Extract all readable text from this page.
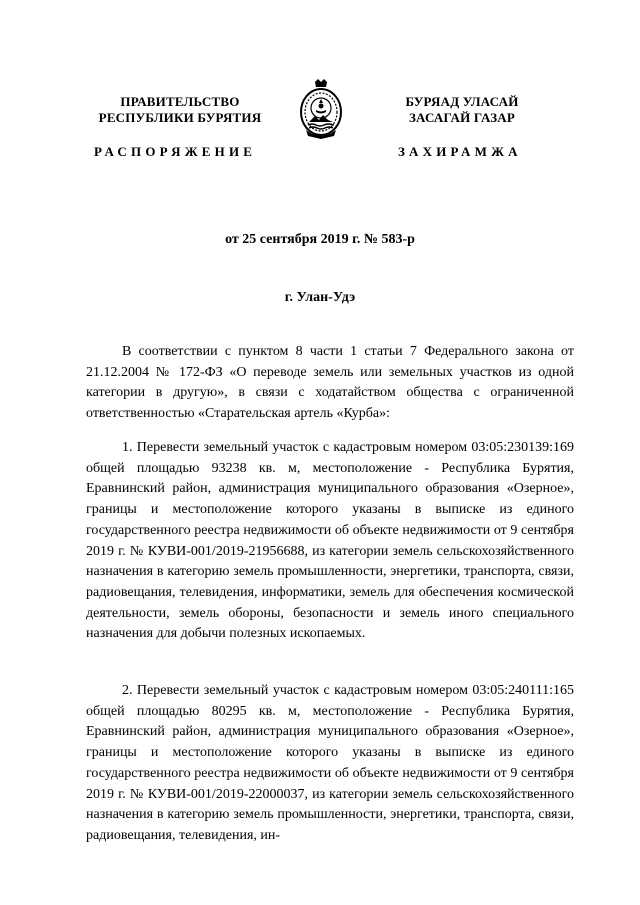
ПРАВИТЕЛЬСТВО
РЕСПУБЛИКИ БУРЯТИЯ
БУРЯАД УЛАСАЙ
ЗАСАГАЙ ГАЗАР
РАСПОРЯЖЕНИЕ	ЗАХИРАМЖА
от 25 сентября 2019 г. № 583-р
г. Улан-Удэ

В соответствии с пунктом 8 части 1 статьи 7 Федерального закона от 21.12.2004 № 172-ФЗ «О переводе земель или земельных участков из одной категории в другую», в связи с ходатайством общества с ограниченной ответственностью «Старательская артель «Курба»:

1. Перевести земельный участок с кадастровым номером 03:05:230139:169 общей площадью 93238 кв. м, местоположение - Республика Бурятия, Еравнинский район, администрация муниципального образования «Озерное», границы и местоположение которого указаны в выписке из единого государственного реестра недвижимости об объекте недвижимости от 9 сентября 2019 г. № КУВИ-001/2019-21956688, из категории земель сельскохозяйственного назначения в категорию земель промышленности, энергетики, транспорта, связи, радиовещания, телевидения, информатики, земель для обеспечения космической деятельности, земель обороны, безопасности и земель иного специального назначения для добычи полезных ископаемых.

2. Перевести земельный участок с кадастровым номером 03:05:240111:165 общей площадью 80295 кв. м, местоположение - Республика Бурятия, Еравнинский район, администрация муниципального образования «Озерное», границы и местоположение которого указаны в выписке из единого государственного реестра недвижимости об объекте недвижимости от 9 сентября 2019 г. № КУВИ-001/2019-22000037, из категории земель сельскохозяйственного назначения в категорию земель промышленности, энергетики, транспорта, связи, радиовещания, телевидения, ин-
